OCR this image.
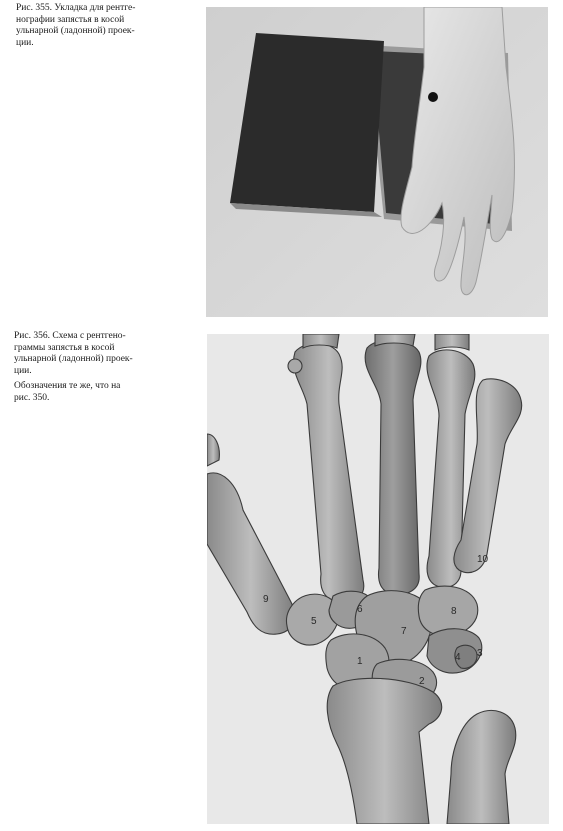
Рис. 355. Укладка для рентге-
нографии запястья в косой
ульнарной (ладонной) проек-
ции.

Рис. 356. Схема с рентгено-
граммы запястья в косой
ульнарной (ладонной) проек-
ции.

Обозначения те же, что на
рис. 350.

9
5
6
7
8
10
1
2
3
4
